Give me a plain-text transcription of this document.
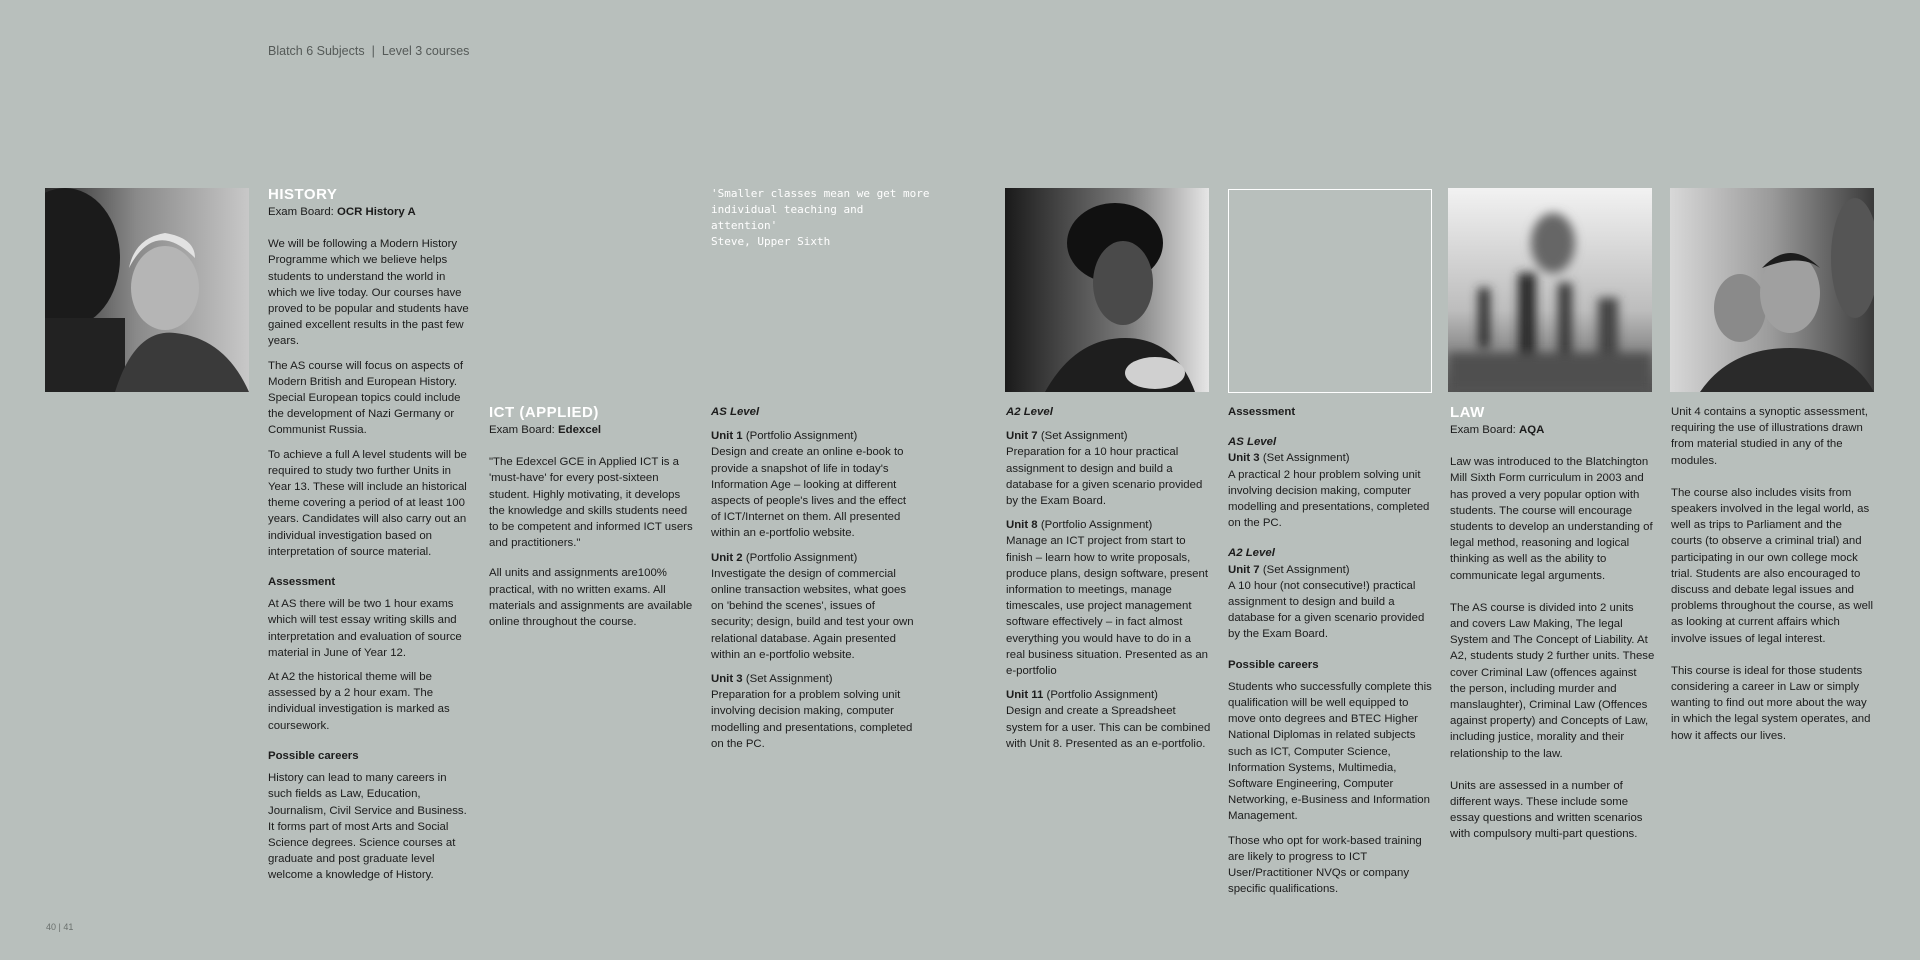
Blatch 6 Subjects | Level 3 courses
HISTORY

Exam Board: OCR History A

We will be following a Modern History Programme which we believe helps students to understand the world in which we live today. Our courses have proved to be popular and students have gained excellent results in the past few years.

The AS course will focus on aspects of Modern British and European History. Special European topics could include the development of Nazi Germany or Communist Russia.

To achieve a full A level students will be required to study two further Units in Year 13. These will include an historical theme covering a period of at least 100 years. Candidates will also carry out an individual investigation based on interpretation of source material.

Assessment

At AS there will be two 1 hour exams which will test essay writing skills and interpretation and evaluation of source material in June of Year 12.

At A2 the historical theme will be assessed by a 2 hour exam. The individual investigation is marked as coursework.

Possible careers

History can lead to many careers in such fields as Law, Education, Journalism, Civil Service and Business. It forms part of most Arts and Social Science degrees. Science courses at graduate and post graduate level welcome a knowledge of History.

ICT (APPLIED)

Exam Board: Edexcel

"The Edexcel GCE in Applied ICT is a 'must-have' for every post-sixteen student. Highly motivating, it develops the knowledge and skills students need to be competent and informed ICT users and practitioners."

All units and assignments are100% practical, with no written exams. All materials and assignments are available online throughout the course.

'Smaller classes mean we get more individual teaching and attention'
Steve, Upper Sixth

AS Level

Unit 1 (Portfolio Assignment)
Design and create an online e-book to provide a snapshot of life in today's Information Age – looking at different aspects of people's lives and the effect of ICT/Internet on them. All presented within an e-portfolio website.
Unit 2 (Portfolio Assignment)
Investigate the design of commercial online transaction websites, what goes on 'behind the scenes', issues of security; design, build and test your own relational database. Again presented within an e-portfolio website.
Unit 3 (Set Assignment)
Preparation for a problem solving unit involving decision making, computer modelling and presentations, completed on the PC.

A2 Level

Unit 7 (Set Assignment)
Preparation for a 10 hour practical assignment to design and build a database for a given scenario provided by the Exam Board.
Unit 8 (Portfolio Assignment)
Manage an ICT project from start to finish – learn how to write proposals, produce plans, design software, present information to meetings, manage timescales, use project management software effectively – in fact almost everything you would have to do in a real business situation. Presented as an e-portfolio
Unit 11 (Portfolio Assignment)
Design and create a Spreadsheet system for a user. This can be combined with Unit 8. Presented as an e-portfolio.

Assessment

AS Level

Unit 3 (Set Assignment)
A practical 2 hour problem solving unit involving decision making, computer modelling and presentations, completed on the PC.

A2 Level

Unit 7 (Set Assignment)
A 10 hour (not consecutive!) practical assignment to design and build a database for a given scenario provided by the Exam Board.

Possible careers

Students who successfully complete this qualification will be well equipped to move onto degrees and BTEC Higher National Diplomas in related subjects such as ICT, Computer Science, Information Systems, Multimedia, Software Engineering, Computer Networking, e-Business and Information Management.

Those who opt for work-based training are likely to progress to ICT User/Practitioner NVQs or company specific qualifications.

LAW

Exam Board: AQA

Law was introduced to the Blatchington Mill Sixth Form curriculum in 2003 and has proved a very popular option with students. The course will encourage students to develop an understanding of legal method, reasoning and logical thinking as well as the ability to communicate legal arguments.

The AS course is divided into 2 units and covers Law Making, The legal System and The Concept of Liability. At A2, students study 2 further units. These cover Criminal Law (offences against the person, including murder and manslaughter), Criminal Law (Offences against property) and Concepts of Law, including justice, morality and their relationship to the law.

Units are assessed in a number of different ways. These include some essay questions and written scenarios with compulsory multi-part questions.

Unit 4 contains a synoptic assessment, requiring the use of illustrations drawn from material studied in any of the modules.

The course also includes visits from speakers involved in the legal world, as well as trips to Parliament and the courts (to observe a criminal trial) and participating in our own college mock trial. Students are also encouraged to discuss and debate legal issues and problems throughout the course, as well as looking at current affairs which involve issues of legal interest.

This course is ideal for those students considering a career in Law or simply wanting to find out more about the way in which the legal system operates, and how it affects our lives.

40 | 41
